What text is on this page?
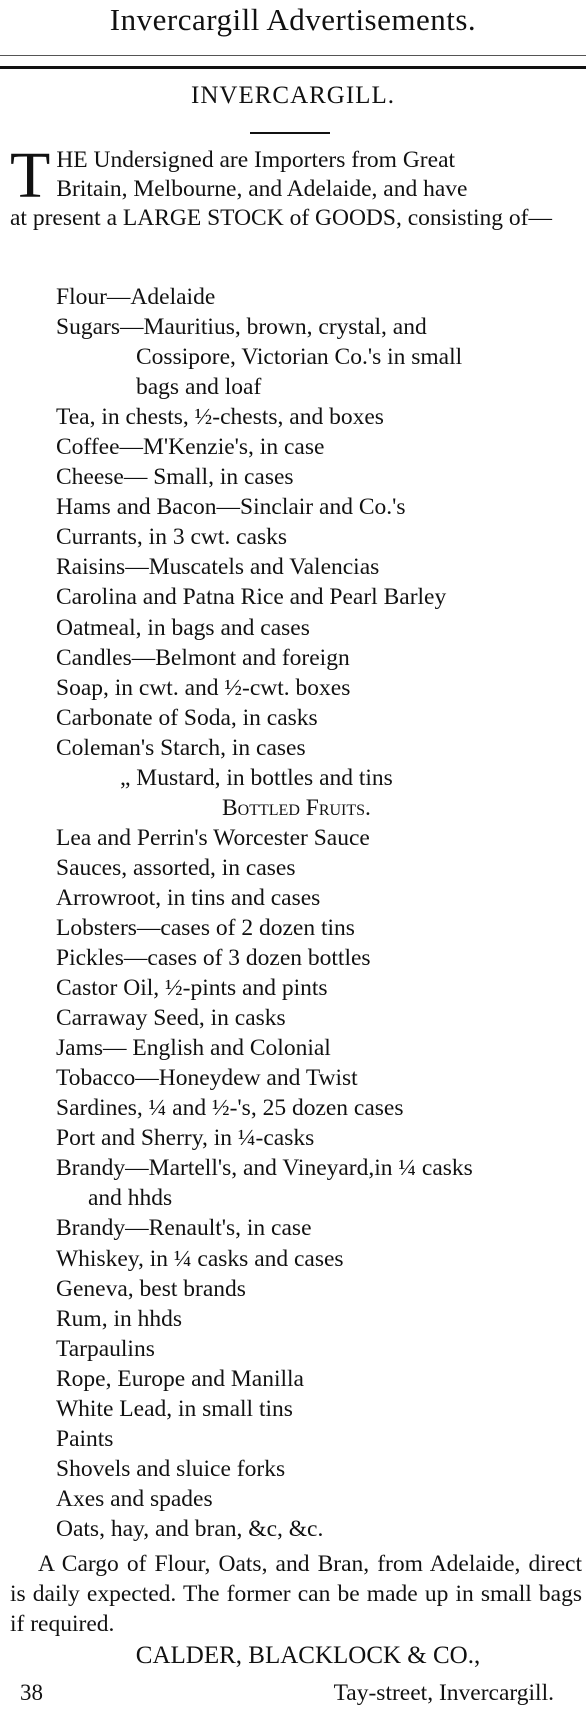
Invercargill Advertisements.
INVERCARGILL.
T HE Undersigned are Importers from Great
Britain, Melbourne, and Adelaide, and have
at present a LARGE STOCK of GOODS, consisting of—
Flour—Adelaide
Sugars—Mauritius, brown, crystal, and
Cossipore, Victorian Co.'s in small
bags and loaf
Tea, in chests, ½-chests, and boxes
Coffee—M'Kenzie's, in case
Cheese— Small, in cases
Hams and Bacon—Sinclair and Co.'s
Currants, in 3 cwt. casks
Raisins—Muscatels and Valencias
Carolina and Patna Rice and Pearl Barley
Oatmeal, in bags and cases
Candles—Belmont and foreign
Soap, in cwt. and ½-cwt. boxes
Carbonate of Soda, in casks
Coleman's Starch, in cases
„ Mustard, in bottles and tins
Bottled Fruits.
Lea and Perrin's Worcester Sauce
Sauces, assorted, in cases
Arrowroot, in tins and cases
Lobsters—cases of 2 dozen tins
Pickles—cases of 3 dozen bottles
Castor Oil, ½-pints and pints
Carraway Seed, in casks
Jams— English and Colonial
Tobacco—Honeydew and Twist
Sardines, ¼ and ½-'s, 25 dozen cases
Port and Sherry, in ¼-casks
Brandy—Martell's, and Vineyard,in ¼ casks
and hhds
Brandy—Renault's, in case
Whiskey, in ¼ casks and cases
Geneva, best brands
Rum, in hhds
Tarpaulins
Rope, Europe and Manilla
White Lead, in small tins
Paints
Shovels and sluice forks
Axes and spades
Oats, hay, and bran, &c, &c.
A Cargo of Flour, Oats, and Bran, from Adelaide, direct is daily expected. The former can be made up in small bags if required.
CALDER, BLACKLOCK & CO.,
38	Tay-street, Invercargill.
